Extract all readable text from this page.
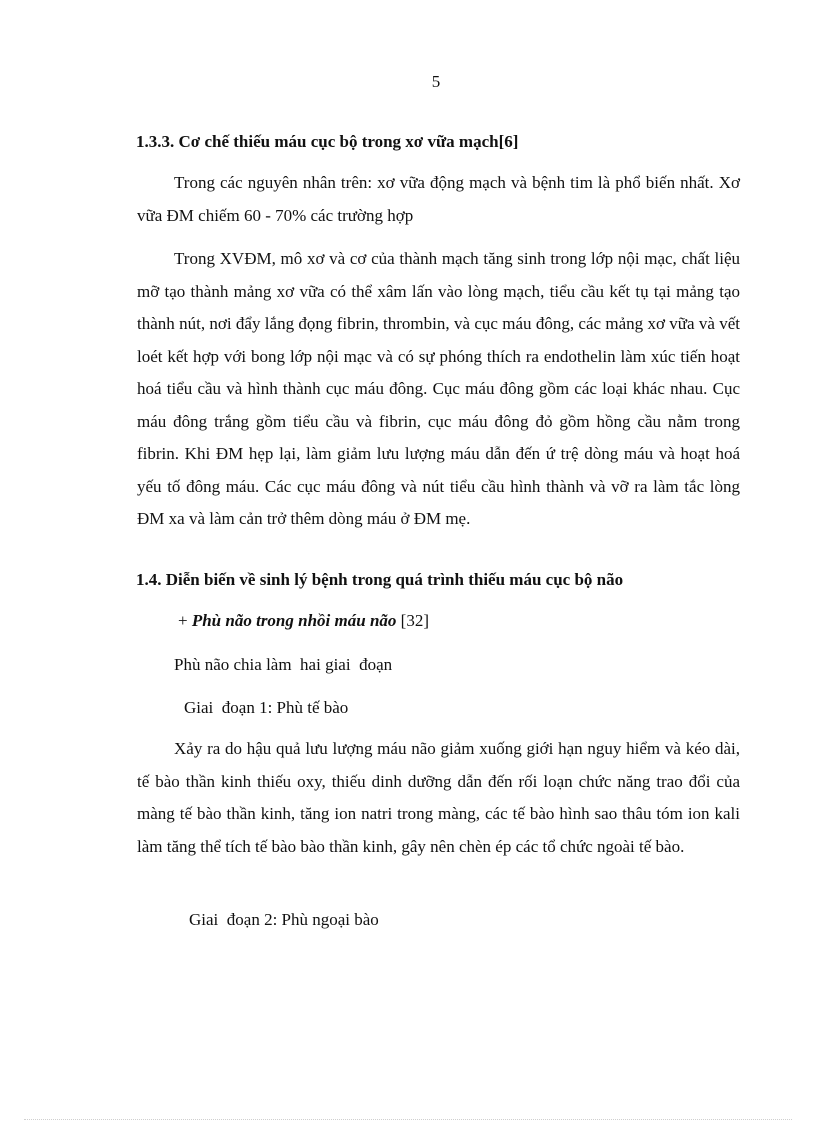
5
1.3.3. Cơ chế thiếu máu cục bộ trong xơ vữa mạch[6]

Trong các nguyên nhân trên: xơ vữa động mạch và bệnh tim là phổ biến nhất. Xơ vữa ĐM chiếm 60 - 70% các trường hợp

Trong XVĐM, mô xơ và cơ của thành mạch tăng sinh trong lớp nội mạc, chất liệu mỡ tạo thành mảng xơ vữa có thể xâm lấn vào lòng mạch, tiểu cầu kết tụ tại mảng tạo thành nút, nơi đẩy lắng đọng fibrin, thrombin, và cục máu đông, các mảng xơ vữa và vết loét kết hợp với bong lớp nội mạc và có sự phóng thích ra endothelin làm xúc tiến hoạt hoá tiểu cầu và hình thành cục máu đông. Cục máu đông gồm các loại khác nhau. Cục máu đông trắng gồm tiểu cầu và fibrin, cục máu đông đỏ gồm hồng cầu nằm trong fibrin. Khi ĐM hẹp lại, làm giảm lưu lượng máu dẫn đến ứ trệ dòng máu và hoạt hoá yếu tố đông máu. Các cục máu đông và nút tiểu cầu hình thành và vỡ ra làm tắc lòng ĐM xa và làm cản trở thêm dòng máu ở ĐM mẹ.

1.4. Diễn biến về sinh lý bệnh trong quá trình thiếu máu cục bộ não
+ Phù não trong nhồi máu não [32]
Phù não chia làm  hai giai  đoạn
Giai  đoạn 1: Phù tế bào

Xảy ra do hậu quả lưu lượng máu não giảm xuống giới hạn nguy hiểm và kéo dài, tế bào thần kinh thiếu oxy, thiếu dinh dưỡng dẫn đến rối loạn chức năng trao đổi của màng tế bào thần kinh, tăng ion natri trong màng, các tế bào hình sao thâu tóm ion kali làm tăng thể tích tế bào bào thần kinh, gây nên chèn ép các tổ chức ngoài tế bào.

Giai  đoạn 2: Phù ngoại bào
